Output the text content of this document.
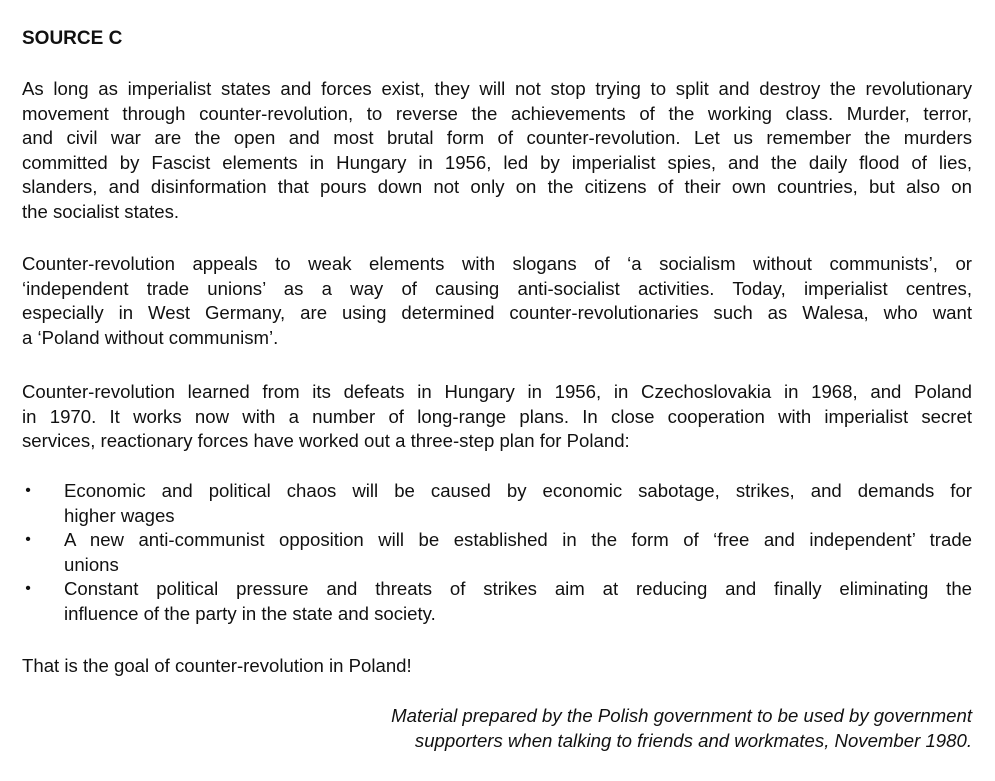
SOURCE C
As long as imperialist states and forces exist, they will not stop trying to split and destroy the revolutionary
movement through counter-revolution, to reverse the achievements of the working class. Murder, terror,
and civil war are the open and most brutal form of counter-revolution. Let us remember the murders
committed by Fascist elements in Hungary in 1956, led by imperialist spies, and the daily flood of lies,
slanders, and disinformation that pours down not only on the citizens of their own countries, but also on
the socialist states.
Counter-revolution appeals to weak elements with slogans of ‘a socialism without communists’, or
‘independent trade unions’ as a way of causing anti-socialist activities. Today, imperialist centres,
especially in West Germany, are using determined counter-revolutionaries such as Walesa, who want
a ‘Poland without communism’.
Counter-revolution learned from its defeats in Hungary in 1956, in Czechoslovakia in 1968, and Poland
in 1970. It works now with a number of long-range plans. In close cooperation with imperialist secret
services, reactionary forces have worked out a three-step plan for Poland:
• Economic and political chaos will be caused by economic sabotage, strikes, and demands for
higher wages
• A new anti-communist opposition will be established in the form of ‘free and independent’ trade
unions
• Constant political pressure and threats of strikes aim at reducing and finally eliminating the
influence of the party in the state and society.
That is the goal of counter-revolution in Poland!
Material prepared by the Polish government to be used by government
supporters when talking to friends and workmates, November 1980.
